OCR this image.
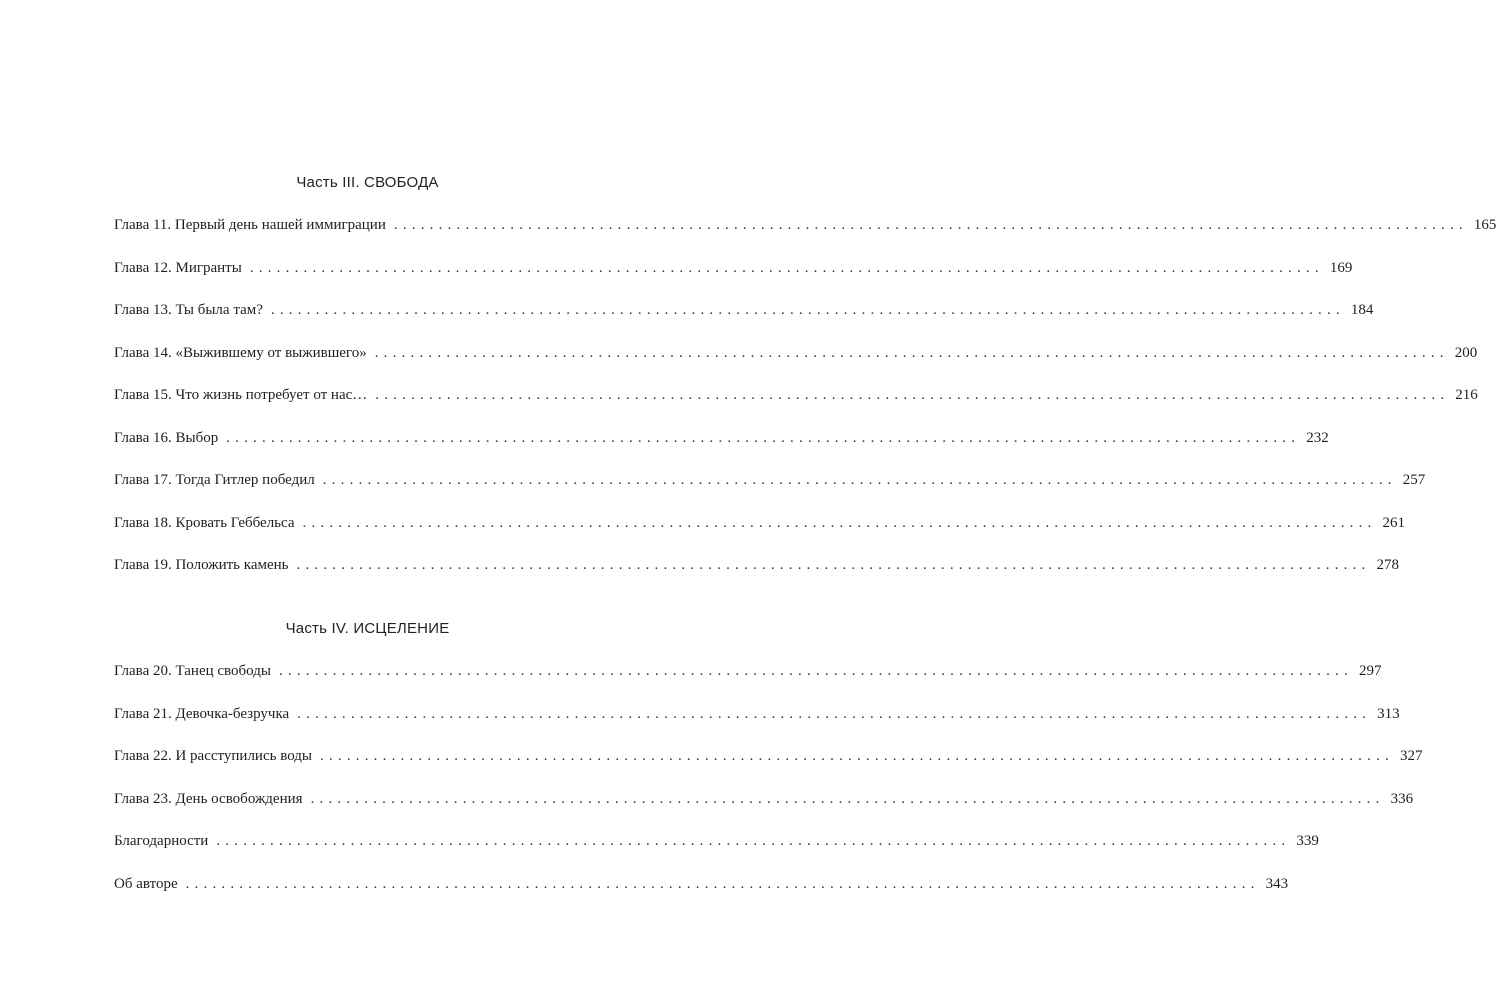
Часть III. СВОБОДА
Глава 11. Первый день нашей иммиграции ........................................................................................................................ 165
Глава 12. Мигранты ........................................................................................................................ 169
Глава 13. Ты была там? ........................................................................................................................ 184
Глава 14. «Выжившему от выжившего» ........................................................................................................................ 200
Глава 15. Что жизнь потребует от нас… ........................................................................................................................ 216
Глава 16. Выбор ........................................................................................................................ 232
Глава 17. Тогда Гитлер победил ........................................................................................................................ 257
Глава 18. Кровать Геббельса ........................................................................................................................ 261
Глава 19. Положить камень ........................................................................................................................ 278
Часть IV. ИСЦЕЛЕНИЕ
Глава 20. Танец свободы ........................................................................................................................ 297
Глава 21. Девочка-безручка ........................................................................................................................ 313
Глава 22. И расступились воды ........................................................................................................................ 327
Глава 23. День освобождения ........................................................................................................................ 336
Благодарности ........................................................................................................................ 339
Об авторе ........................................................................................................................ 343
